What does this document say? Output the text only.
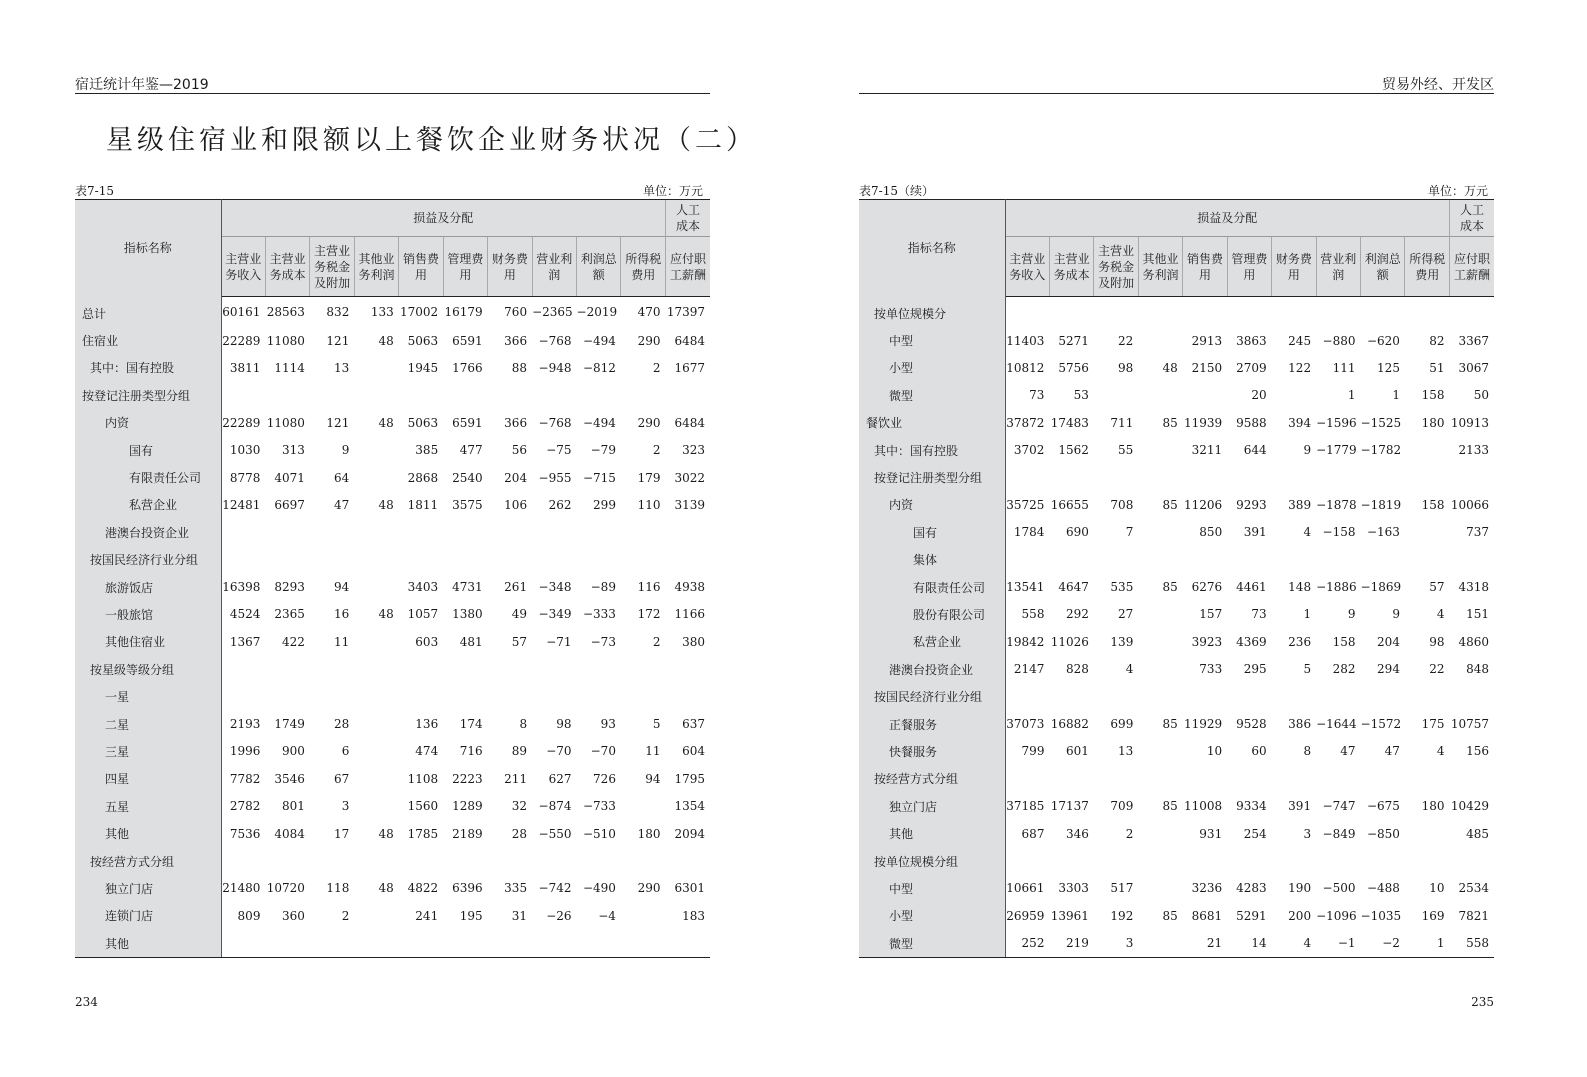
宿迁统计年鉴—2019
星级住宿业和限额以上餐饮企业财务状况（二）
表7-15	单位：万元
指标名称	损益及分配										人工成本
	主营业务收入	主营业务成本	主营业务税金及附加	其他业务利润	销售费用	管理费用	财务费用	营业利润	利润总额	所得税费用	应付职工薪酬
总计	60161	28563	832	133	17002	16179	760	−2365	−2019	470	17397
住宿业	22289	11080	121	48	5063	6591	366	−768	−494	290	6484
其中：国有控股	3811	1114	13		1945	1766	88	−948	−812	2	1677
按登记注册类型分组											
内资	22289	11080	121	48	5063	6591	366	−768	−494	290	6484
国有	1030	313	9		385	477	56	−75	−79	2	323
有限责任公司	8778	4071	64		2868	2540	204	−955	−715	179	3022
私营企业	12481	6697	47	48	1811	3575	106	262	299	110	3139
港澳台投资企业											
按国民经济行业分组											
旅游饭店	16398	8293	94		3403	4731	261	−348	−89	116	4938
一般旅馆	4524	2365	16	48	1057	1380	49	−349	−333	172	1166
其他住宿业	1367	422	11		603	481	57	−71	−73	2	380
按星级等级分组											
一星											
二星	2193	1749	28		136	174	8	98	93	5	637
三星	1996	900	6		474	716	89	−70	−70	11	604
四星	7782	3546	67		1108	2223	211	627	726	94	1795
五星	2782	801	3		1560	1289	32	−874	−733		1354
其他	7536	4084	17	48	1785	2189	28	−550	−510	180	2094
按经营方式分组											
独立门店	21480	10720	118	48	4822	6396	335	−742	−490	290	6301
连锁门店	809	360	2		241	195	31	−26	−4		183
其他											
234
贸易外经、开发区
表7-15（续）	单位：万元
指标名称	损益及分配										人工成本
	主营业务收入	主营业务成本	主营业务税金及附加	其他业务利润	销售费用	管理费用	财务费用	营业利润	利润总额	所得税费用	应付职工薪酬
按单位规模分											
中型	11403	5271	22		2913	3863	245	−880	−620	82	3367
小型	10812	5756	98	48	2150	2709	122	111	125	51	3067
微型	73	53				20		1	1	158	50
餐饮业	37872	17483	711	85	11939	9588	394	−1596	−1525	180	10913
其中：国有控股	3702	1562	55		3211	644	9	−1779	−1782		2133
按登记注册类型分组											
内资	35725	16655	708	85	11206	9293	389	−1878	−1819	158	10066
国有	1784	690	7		850	391	4	−158	−163		737
集体											
有限责任公司	13541	4647	535	85	6276	4461	148	−1886	−1869	57	4318
股份有限公司	558	292	27		157	73	1	9	9	4	151
私营企业	19842	11026	139		3923	4369	236	158	204	98	4860
港澳台投资企业	2147	828	4		733	295	5	282	294	22	848
按国民经济行业分组											
正餐服务	37073	16882	699	85	11929	9528	386	−1644	−1572	175	10757
快餐服务	799	601	13		10	60	8	47	47	4	156
按经营方式分组											
独立门店	37185	17137	709	85	11008	9334	391	−747	−675	180	10429
其他	687	346	2		931	254	3	−849	−850		485
按单位规模分组											
中型	10661	3303	517		3236	4283	190	−500	−488	10	2534
小型	26959	13961	192	85	8681	5291	200	−1096	−1035	169	7821
微型	252	219	3		21	14	4	−1	−2	1	558
235
